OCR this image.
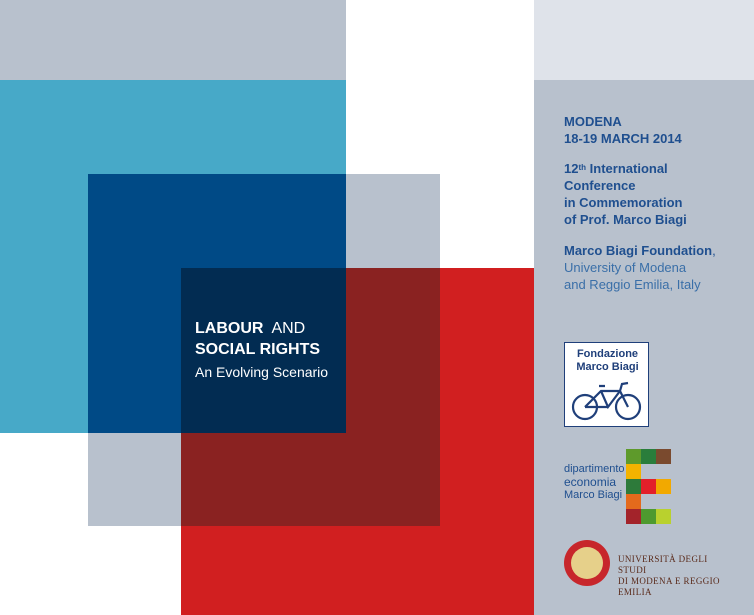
LABOUR AND
SOCIAL RIGHTS
An Evolving Scenario
MODENA
18-19 MARCH 2014
12th International
Conference
in Commemoration
of Prof. Marco Biagi
Marco Biagi Foundation,
University of Modena
and Reggio Emilia, Italy
Fondazione
Marco Biagi
dipartimento
economia
Marco Biagi
UNIVERSITÀ DEGLI STUDI
DI MODENA E REGGIO EMILIA
